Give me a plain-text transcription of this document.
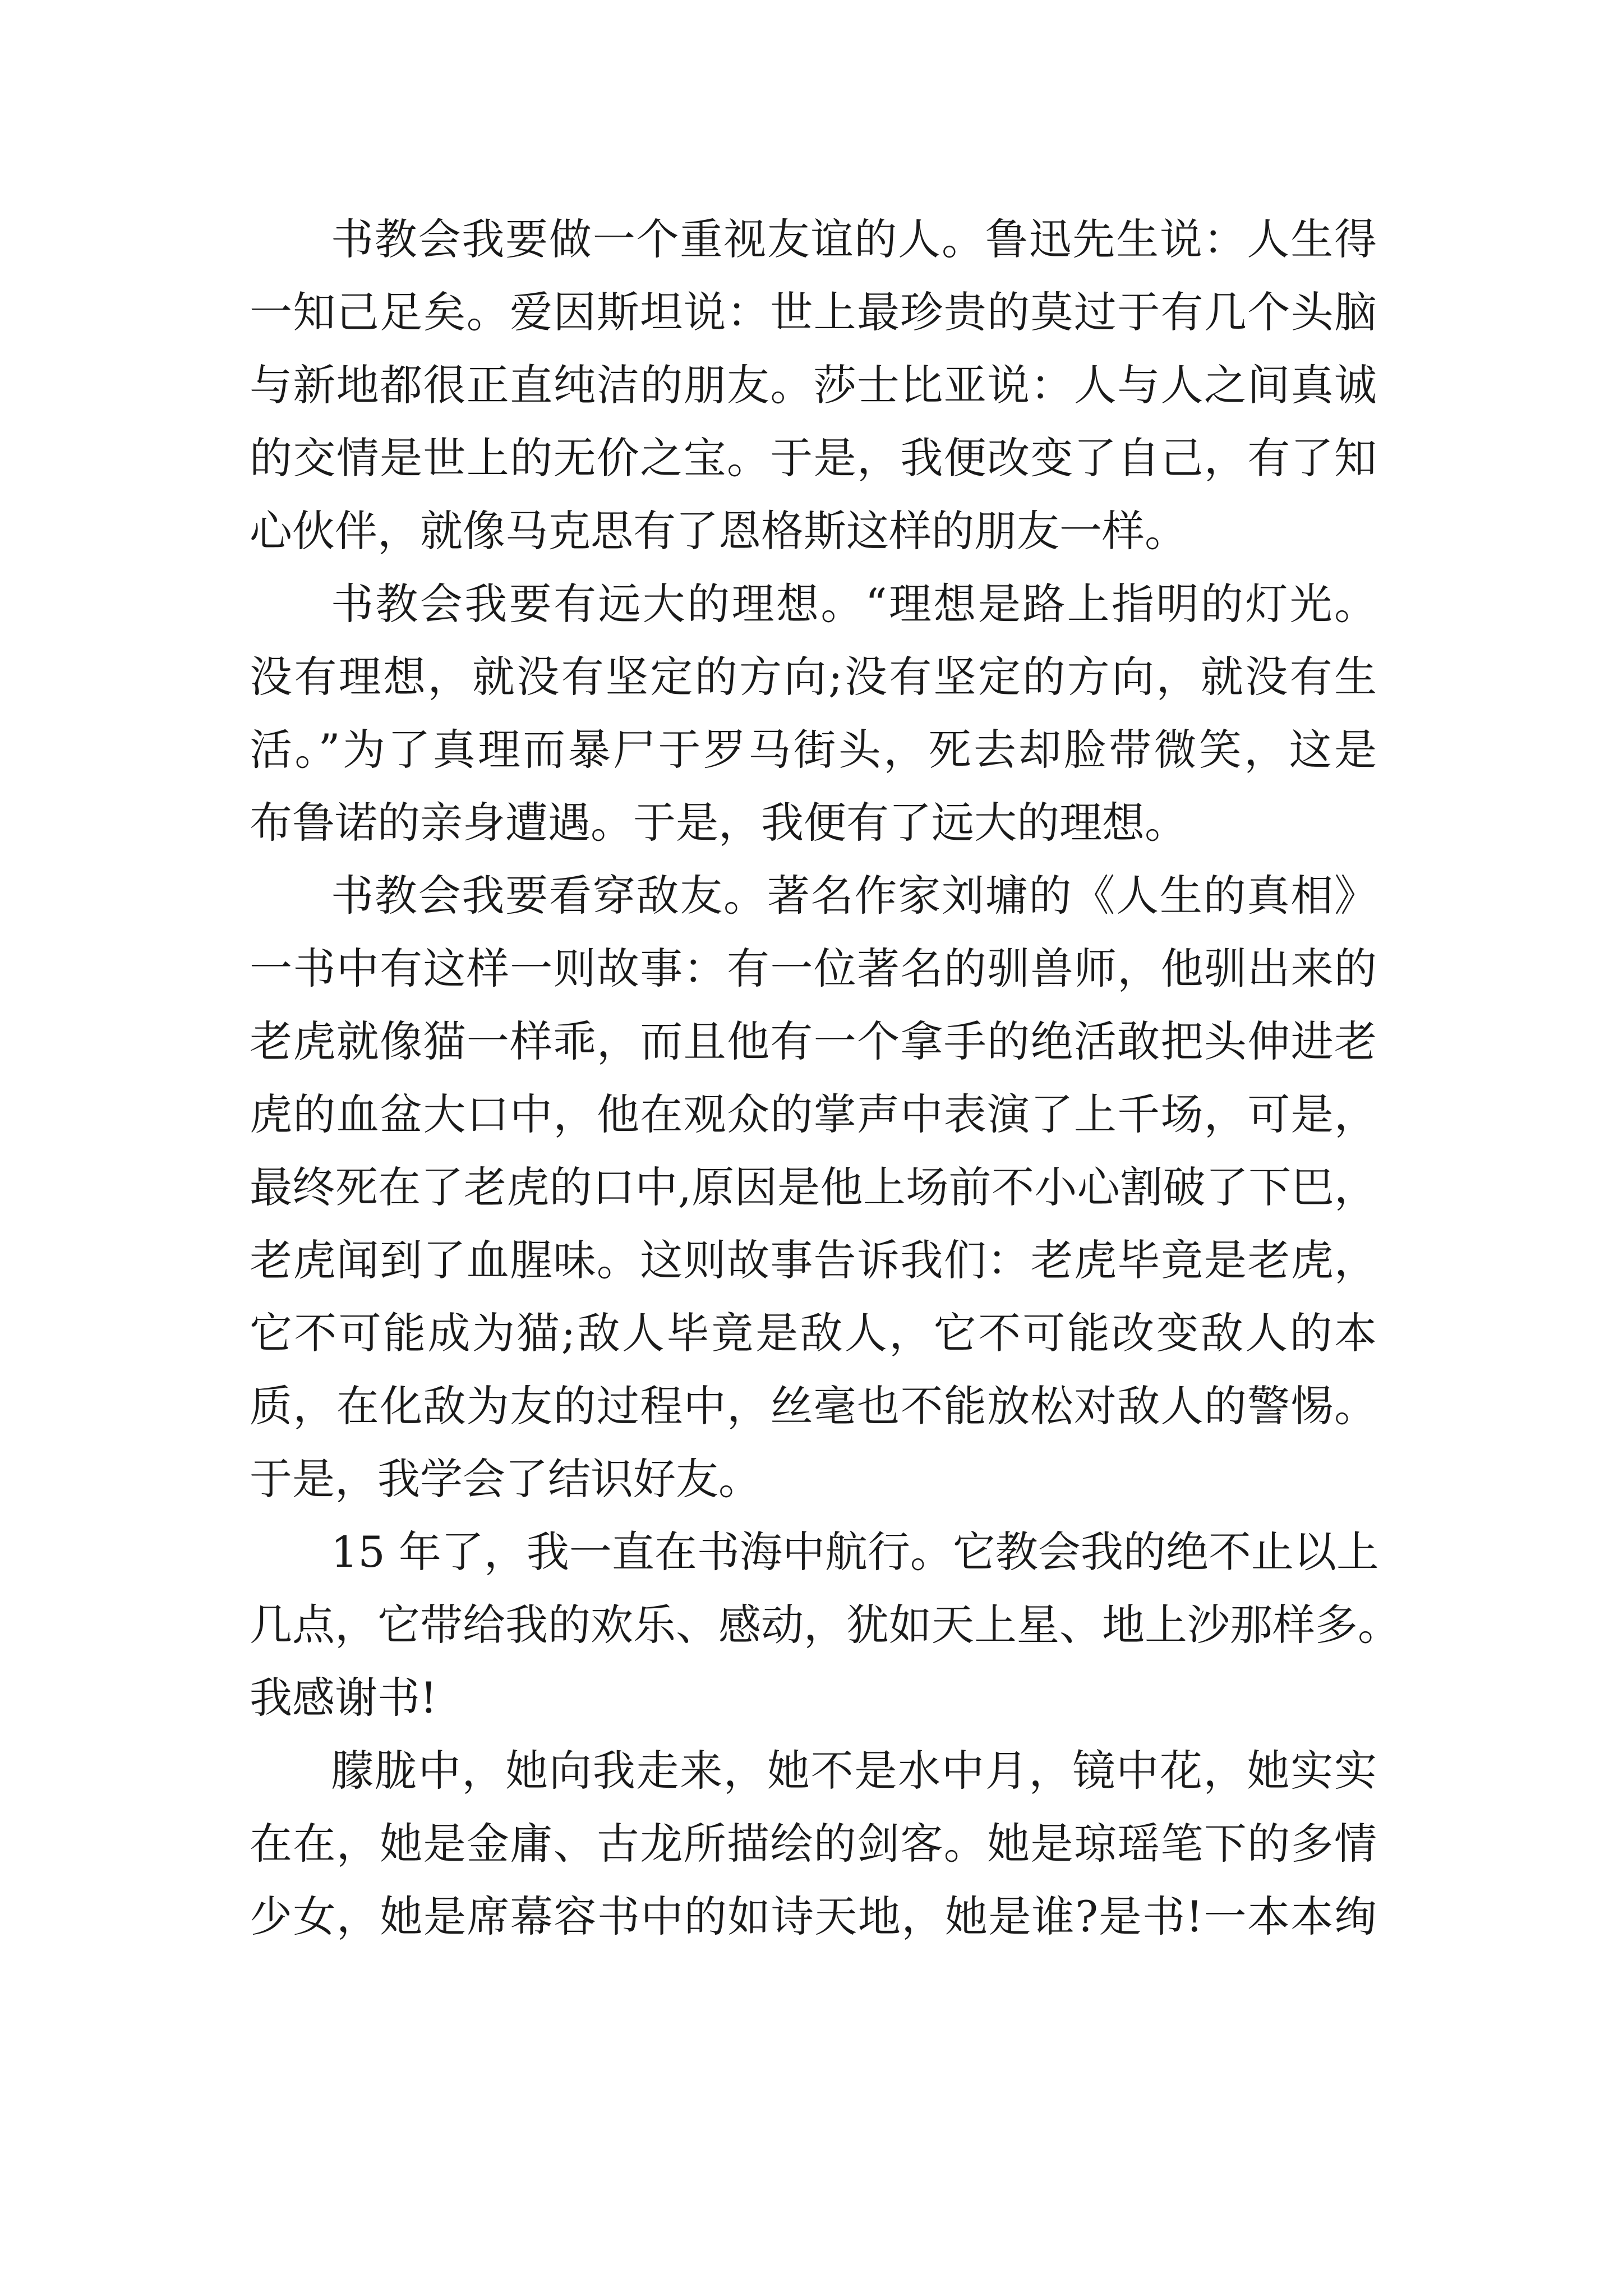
书教会我要做一个重视友谊的人。鲁迅先生说：人生得

一知己足矣。爱因斯坦说：世上最珍贵的莫过于有几个头脑

与新地都很正直纯洁的朋友。莎士比亚说：人与人之间真诚

的交情是世上的无价之宝。于是，我便改变了自己，有了知

心伙伴，就像马克思有了恩格斯这样的朋友一样。

书教会我要有远大的理想。“理想是路上指明的灯光。

没有理想，就没有坚定的方向;没有坚定的方向，就没有生

活。”为了真理而暴尸于罗马街头，死去却脸带微笑，这是

布鲁诺的亲身遭遇。于是，我便有了远大的理想。

书教会我要看穿敌友。著名作家刘墉的《人生的真相》

一书中有这样一则故事：有一位著名的驯兽师，他驯出来的

老虎就像猫一样乖，而且他有一个拿手的绝活敢把头伸进老

虎的血盆大口中，他在观众的掌声中表演了上千场，可是，

最终死在了老虎的口中,原因是他上场前不小心割破了下巴，

老虎闻到了血腥味。这则故事告诉我们：老虎毕竟是老虎，

它不可能成为猫;敌人毕竟是敌人，它不可能改变敌人的本

质，在化敌为友的过程中，丝毫也不能放松对敌人的警惕。

于是，我学会了结识好友。

15 年了，我一直在书海中航行。它教会我的绝不止以上

几点，它带给我的欢乐、感动，犹如天上星、地上沙那样多。

我感谢书!

朦胧中，她向我走来，她不是水中月，镜中花，她实实

在在，她是金庸、古龙所描绘的剑客。她是琼瑶笔下的多情

少女，她是席幕容书中的如诗天地，她是谁?是书!一本本绚
